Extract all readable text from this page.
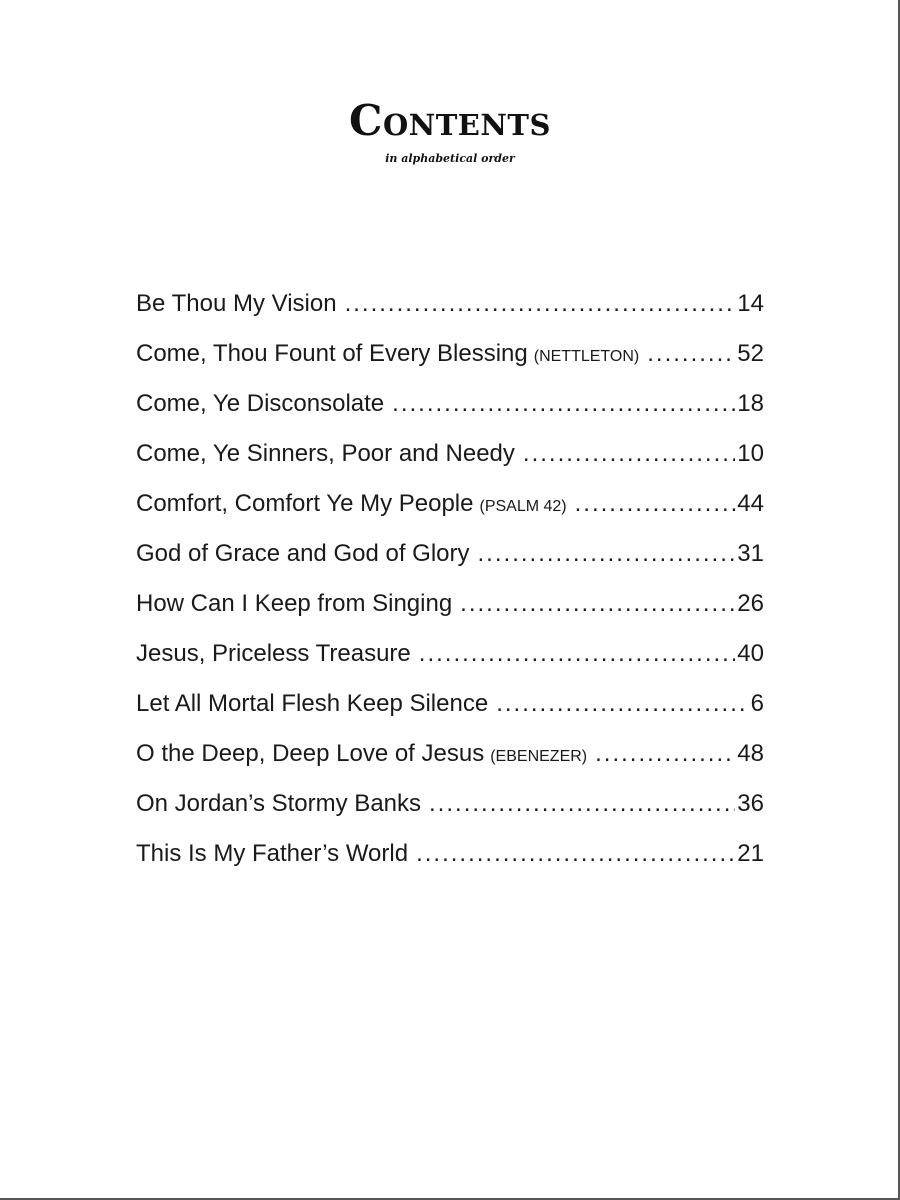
Contents
in alphabetical order
Be Thou My Vision .....	14
Come, Thou Fount of Every Blessing (NETTLETON) .....	52
Come, Ye Disconsolate .....	18
Come, Ye Sinners, Poor and Needy .....	10
Comfort, Comfort Ye My People (PSALM 42) .....	44
God of Grace and God of Glory .....	31
How Can I Keep from Singing .....	26
Jesus, Priceless Treasure .....	40
Let All Mortal Flesh Keep Silence .....	6
O the Deep, Deep Love of Jesus (EBENEZER) .....	48
On Jordan’s Stormy Banks .....	36
This Is My Father’s World .....	21
